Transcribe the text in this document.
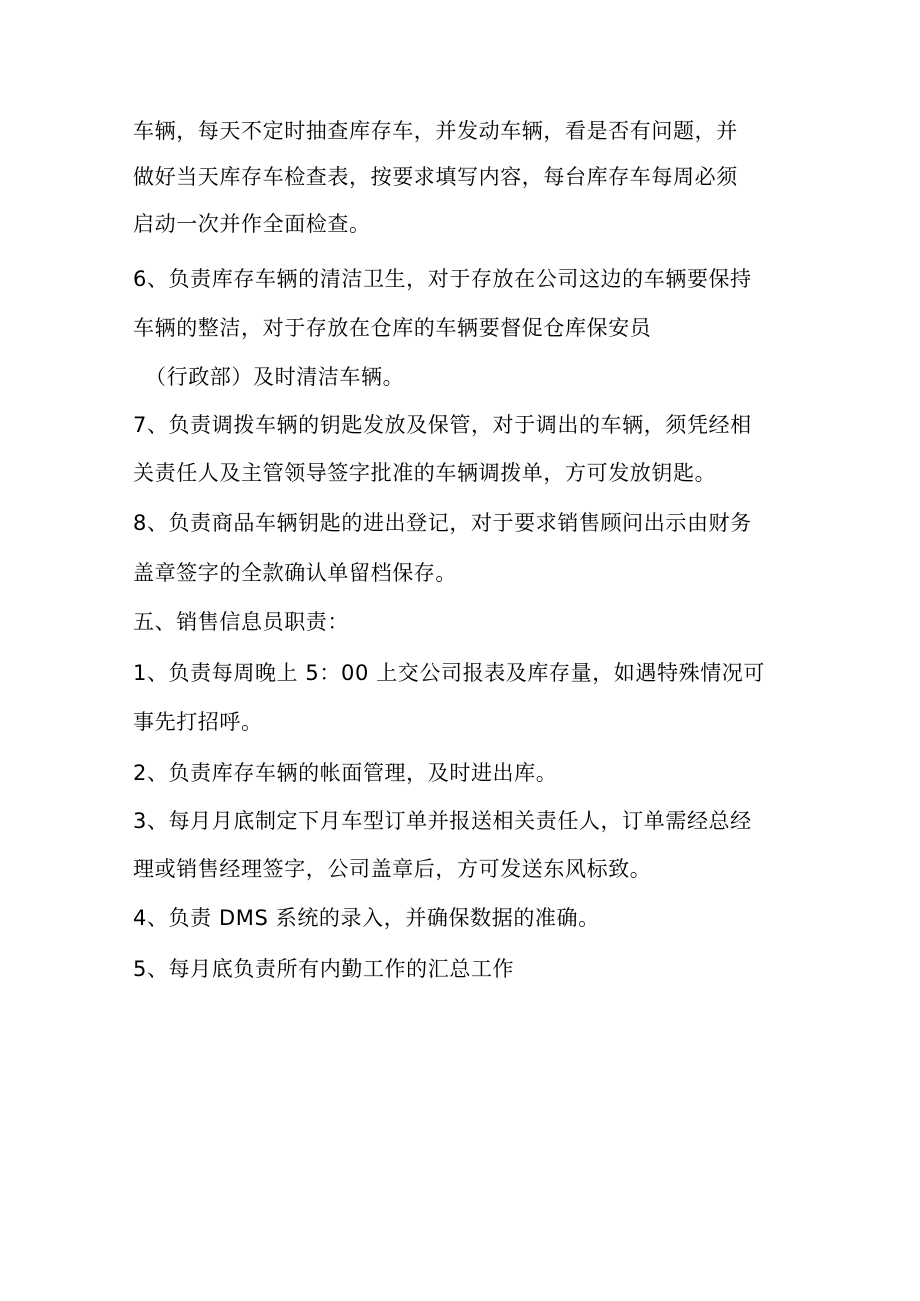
车辆，每天不定时抽查库存车，并发动车辆，看是否有问题，并
做好当天库存车检查表，按要求填写内容，每台库存车每周必须
启动一次并作全面检查。
6、负责库存车辆的清洁卫生，对于存放在公司这边的车辆要保持
车辆的整洁，对于存放在仓库的车辆要督促仓库保安员
（行政部）及时清洁车辆。
7、负责调拨车辆的钥匙发放及保管，对于调出的车辆，须凭经相
关责任人及主管领导签字批准的车辆调拨单，方可发放钥匙。
8、负责商品车辆钥匙的进出登记，对于要求销售顾问出示由财务
盖章签字的全款确认单留档保存。
五、销售信息员职责：
1、负责每周晚上 5：00 上交公司报表及库存量，如遇特殊情况可
事先打招呼。
2、负责库存车辆的帐面管理，及时进出库。
3、每月月底制定下月车型订单并报送相关责任人，订单需经总经
理或销售经理签字，公司盖章后，方可发送东风标致。
4、负责 DMS 系统的录入，并确保数据的准确。
5、每月底负责所有内勤工作的汇总工作
